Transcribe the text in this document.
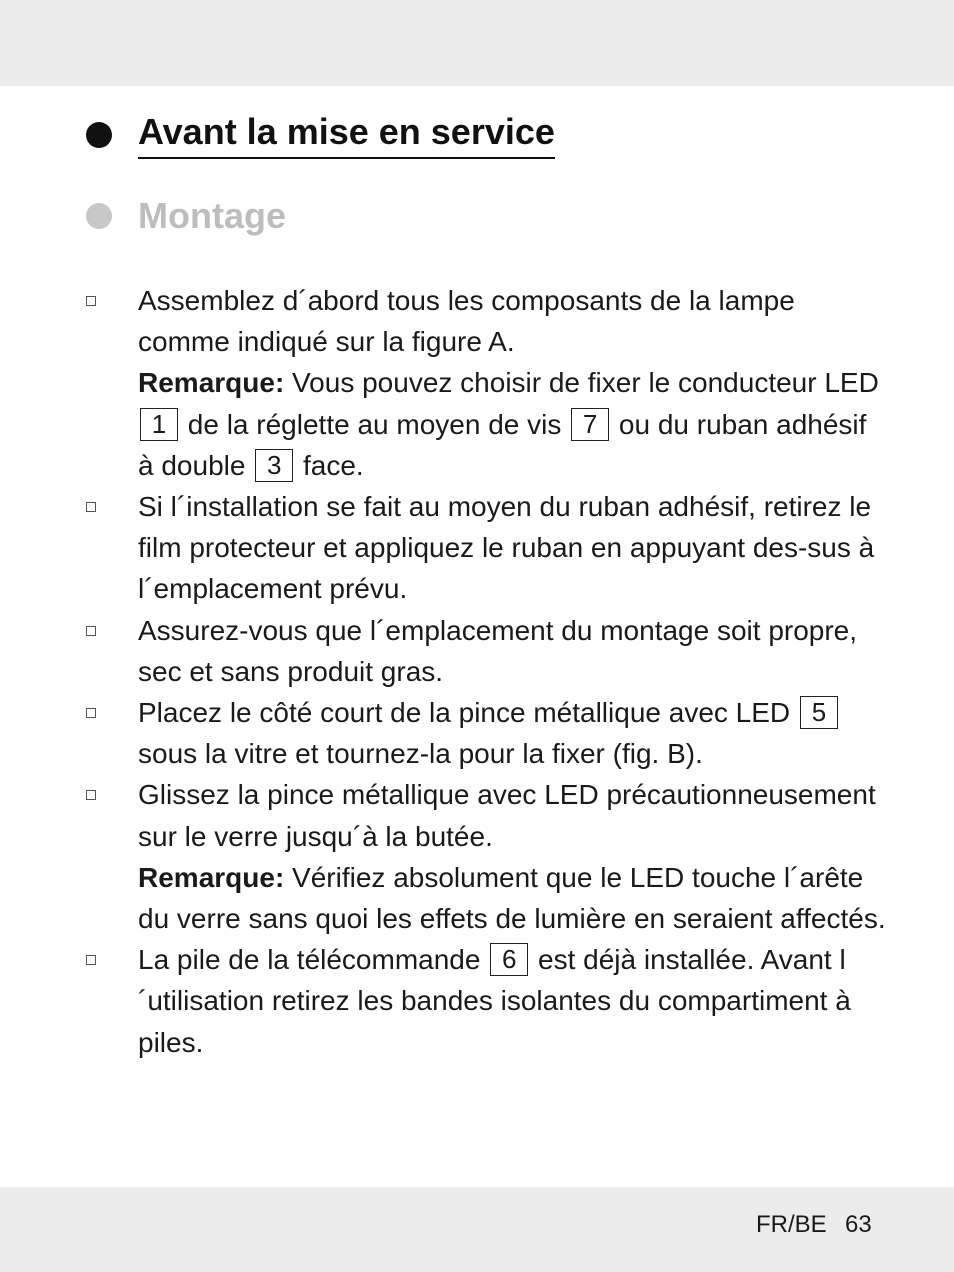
Avant la mise en service
Montage
Assemblez d´abord tous les composants de la lampe comme indiqué sur la figure A.
Remarque: Vous pouvez choisir de fixer le conducteur LED 1 de la réglette au moyen de vis 7 ou du ruban adhésif à double 3 face.
Si l´installation se fait au moyen du ruban adhésif, retirez le film protecteur et appliquez le ruban en appuyant des-sus à l´emplacement prévu.
Assurez-vous que l´emplacement du montage soit propre, sec et sans produit gras.
Placez le côté court de la pince métallique avec LED 5 sous la vitre et tournez-la pour la fixer (fig. B).
Glissez la pince métallique avec LED précautionneusement sur le verre jusqu´à la butée.
Remarque: Vérifiez absolument que le LED touche l´arête du verre sans quoi les effets de lumière en seraient affectés.
La pile de la télécommande 6 est déjà installée. Avant l´utilisation retirez les bandes isolantes du compartiment à piles.
FR/BE 63
